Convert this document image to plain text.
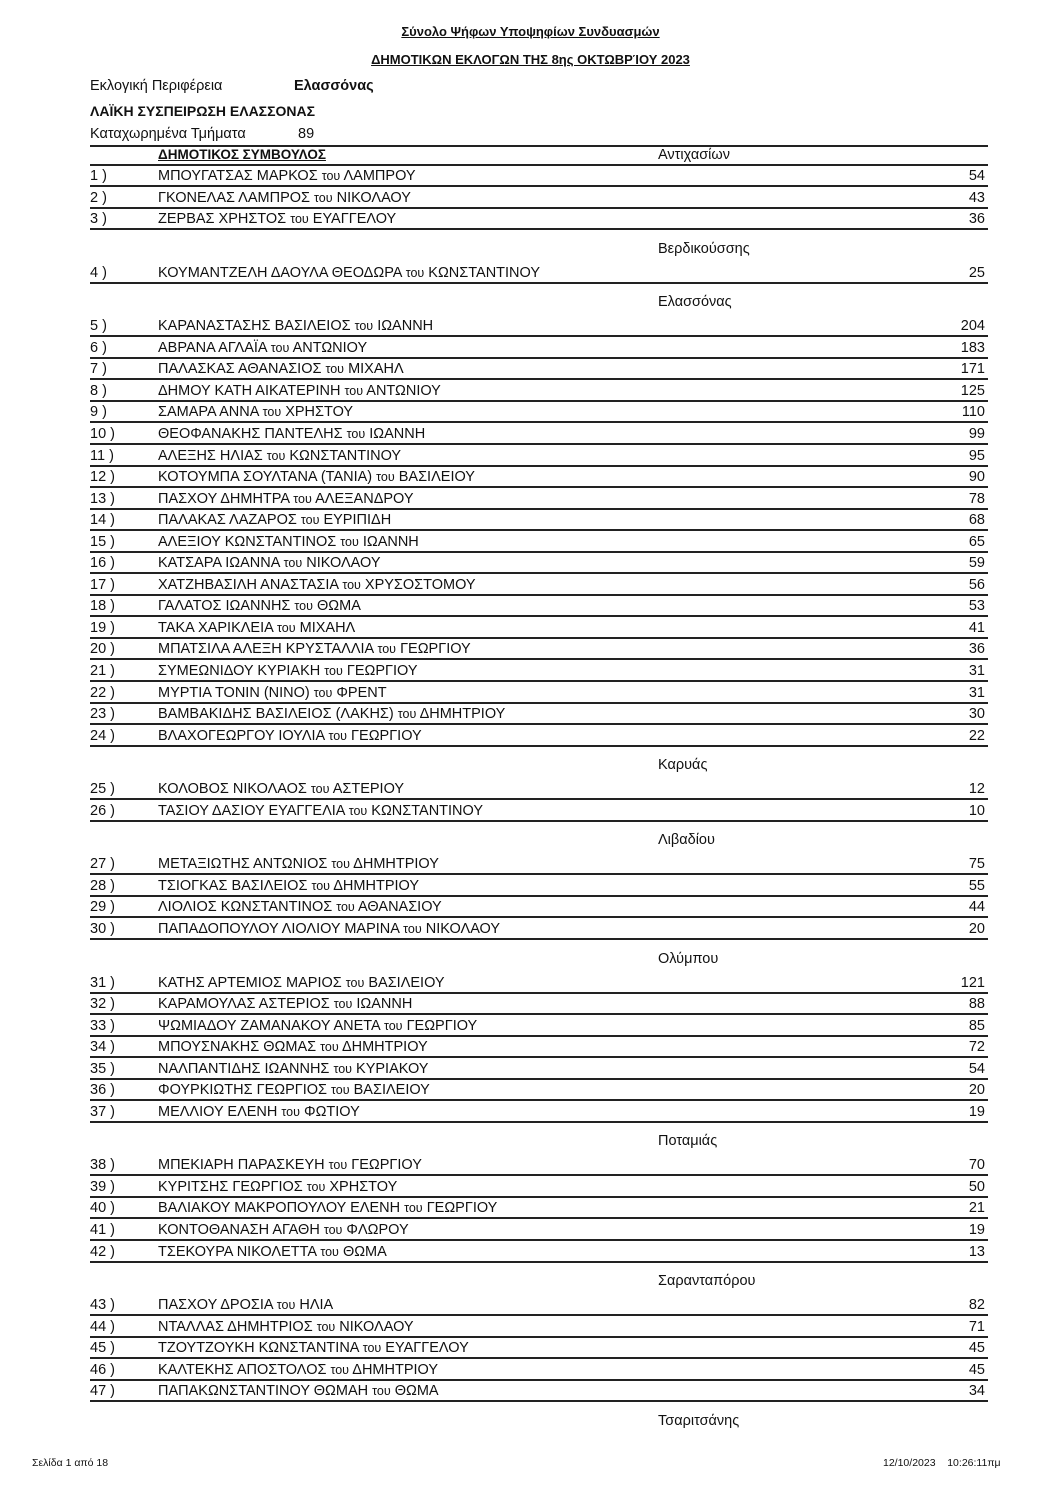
Σύνολο Ψήφων Υποψηφίων Συνδυασμών
ΔΗΜΟΤΙΚΩΝ ΕΚΛΟΓΩΝ ΤΗΣ 8ης ΟΚΤΩΒΡΊΟΥ 2023
Εκλογική Περιφέρεια	Ελασσόνας
ΛΑΪΚΗ ΣΥΣΠΕΙΡΩΣΗ ΕΛΑΣΣΟΝΑΣ
Καταχωρημένα Τμήματα	89
ΔΗΜΟΤΙΚΟΣ ΣΥΜΒΟΥΛΟΣ	Αντιχασίων
1 )	ΜΠΟΥΓΑΤΣΑΣ ΜΑΡΚΟΣ του ΛΑΜΠΡΟΥ	54
2 )	ΓΚΟΝΕΛΑΣ ΛΑΜΠΡΟΣ του ΝΙΚΟΛΑΟΥ	43
3 )	ΖΕΡΒΑΣ ΧΡΗΣΤΟΣ του ΕΥΑΓΓΕΛΟΥ	36
Βερδικούσσης
4 )	ΚΟΥΜΑΝΤΖΕΛΗ ΔΑΟΥΛΑ ΘΕΟΔΩΡΑ του ΚΩΝΣΤΑΝΤΙΝΟΥ	25
Ελασσόνας
5 )	ΚΑΡΑΝΑΣΤΑΣΗΣ ΒΑΣΙΛΕΙΟΣ του ΙΩΑΝΝΗ	204
6 )	ΑΒΡΑΝΑ ΑΓΛΑΪΑ του ΑΝΤΩΝΙΟΥ	183
7 )	ΠΑΛΑΣΚΑΣ ΑΘΑΝΑΣΙΟΣ του ΜΙΧΑΗΛ	171
8 )	ΔΗΜΟΥ ΚΑΤΗ ΑΙΚΑΤΕΡΙΝΗ του ΑΝΤΩΝΙΟΥ	125
9 )	ΣΑΜΑΡΑ ΑΝΝΑ του ΧΡΗΣΤΟΥ	110
10 )	ΘΕΟΦΑΝΑΚΗΣ ΠΑΝΤΕΛΗΣ του ΙΩΑΝΝΗ	99
11 )	ΑΛΕΞΗΣ ΗΛΙΑΣ του ΚΩΝΣΤΑΝΤΙΝΟΥ	95
12 )	ΚΟΤΟΥΜΠΑ ΣΟΥΛΤΑΝΑ (ΤΑΝΙΑ) του ΒΑΣΙΛΕΙΟΥ	90
13 )	ΠΑΣΧΟΥ ΔΗΜΗΤΡΑ του ΑΛΕΞΑΝΔΡΟΥ	78
14 )	ΠΑΛΑΚΑΣ ΛΑΖΑΡΟΣ του ΕΥΡΙΠΙΔΗ	68
15 )	ΑΛΕΞΙΟΥ ΚΩΝΣΤΑΝΤΙΝΟΣ του ΙΩΑΝΝΗ	65
16 )	ΚΑΤΣΑΡΑ ΙΩΑΝΝΑ του ΝΙΚΟΛΑΟΥ	59
17 )	ΧΑΤΖΗΒΑΣΙΛΗ ΑΝΑΣΤΑΣΙΑ του ΧΡΥΣΟΣΤΟΜΟΥ	56
18 )	ΓΑΛΑΤΟΣ ΙΩΑΝΝΗΣ του ΘΩΜΑ	53
19 )	ΤΑΚΑ ΧΑΡΙΚΛΕΙΑ του ΜΙΧΑΗΛ	41
20 )	ΜΠΑΤΣΙΛΑ ΑΛΕΞΗ ΚΡΥΣΤΑΛΛΙΑ του ΓΕΩΡΓΙΟΥ	36
21 )	ΣΥΜΕΩΝΙΔΟΥ ΚΥΡΙΑΚΗ του ΓΕΩΡΓΙΟΥ	31
22 )	ΜΥΡΤΙΑ ΤΟΝΙΝ (ΝΙΝΟ) του ΦΡΕΝΤ	31
23 )	ΒΑΜΒΑΚΙΔΗΣ ΒΑΣΙΛΕΙΟΣ (ΛΑΚΗΣ) του ΔΗΜΗΤΡΙΟΥ	30
24 )	ΒΛΑΧΟΓΕΩΡΓΟΥ ΙΟΥΛΙΑ του ΓΕΩΡΓΙΟΥ	22
Καρυάς
25 )	ΚΟΛΟΒΟΣ ΝΙΚΟΛΑΟΣ του ΑΣΤΕΡΙΟΥ	12
26 )	ΤΑΣΙΟΥ ΔΑΣΙΟΥ ΕΥΑΓΓΕΛΙΑ του ΚΩΝΣΤΑΝΤΙΝΟΥ	10
Λιβαδίου
27 )	ΜΕΤΑΞΙΩΤΗΣ ΑΝΤΩΝΙΟΣ του ΔΗΜΗΤΡΙΟΥ	75
28 )	ΤΣΙΟΓΚΑΣ ΒΑΣΙΛΕΙΟΣ του ΔΗΜΗΤΡΙΟΥ	55
29 )	ΛΙΟΛΙΟΣ ΚΩΝΣΤΑΝΤΙΝΟΣ του ΑΘΑΝΑΣΙΟΥ	44
30 )	ΠΑΠΑΔΟΠΟΥΛΟΥ ΛΙΟΛΙΟΥ ΜΑΡΙΝΑ του ΝΙΚΟΛΑΟΥ	20
Ολύμπου
31 )	ΚΑΤΗΣ ΑΡΤΕΜΙΟΣ ΜΑΡΙΟΣ του ΒΑΣΙΛΕΙΟΥ	121
32 )	ΚΑΡΑΜΟΥΛΑΣ ΑΣΤΕΡΙΟΣ του ΙΩΑΝΝΗ	88
33 )	ΨΩΜΙΑΔΟΥ ΖΑΜΑΝΑΚΟΥ ΑΝΕΤΑ του ΓΕΩΡΓΙΟΥ	85
34 )	ΜΠΟΥΣΝΑΚΗΣ ΘΩΜΑΣ του ΔΗΜΗΤΡΙΟΥ	72
35 )	ΝΑΛΠΑΝΤΙΔΗΣ ΙΩΑΝΝΗΣ του ΚΥΡΙΑΚΟΥ	54
36 )	ΦΟΥΡΚΙΩΤΗΣ ΓΕΩΡΓΙΟΣ του ΒΑΣΙΛΕΙΟΥ	20
37 )	ΜΕΛΛΙΟΥ ΕΛΕΝΗ του ΦΩΤΙΟΥ	19
Ποταμιάς
38 )	ΜΠΕΚΙΑΡΗ ΠΑΡΑΣΚΕΥΗ του ΓΕΩΡΓΙΟΥ	70
39 )	ΚΥΡΙΤΣΗΣ ΓΕΩΡΓΙΟΣ του ΧΡΗΣΤΟΥ	50
40 )	ΒΑΛΙΑΚΟΥ ΜΑΚΡΟΠΟΥΛΟΥ ΕΛΕΝΗ του ΓΕΩΡΓΙΟΥ	21
41 )	ΚΟΝΤΟΘΑΝΑΣΗ ΑΓΑΘΗ του ΦΛΩΡΟΥ	19
42 )	ΤΣΕΚΟΥΡΑ ΝΙΚΟΛΕΤΤΑ του ΘΩΜΑ	13
Σαρανταπόρου
43 )	ΠΑΣΧΟΥ ΔΡΟΣΙΑ του ΗΛΙΑ	82
44 )	ΝΤΑΛΛΑΣ ΔΗΜΗΤΡΙΟΣ του ΝΙΚΟΛΑΟΥ	71
45 )	ΤΖΟΥΤΖΟΥΚΗ ΚΩΝΣΤΑΝΤΙΝΑ του ΕΥΑΓΓΕΛΟΥ	45
46 )	ΚΑΛΤΕΚΗΣ ΑΠΟΣΤΟΛΟΣ του ΔΗΜΗΤΡΙΟΥ	45
47 )	ΠΑΠΑΚΩΝΣΤΑΝΤΙΝΟΥ ΘΩΜΑΗ του ΘΩΜΑ	34
Τσαριτσάνης
Σελίδα 1 από 18	12/10/2023    10:26:11πμ
